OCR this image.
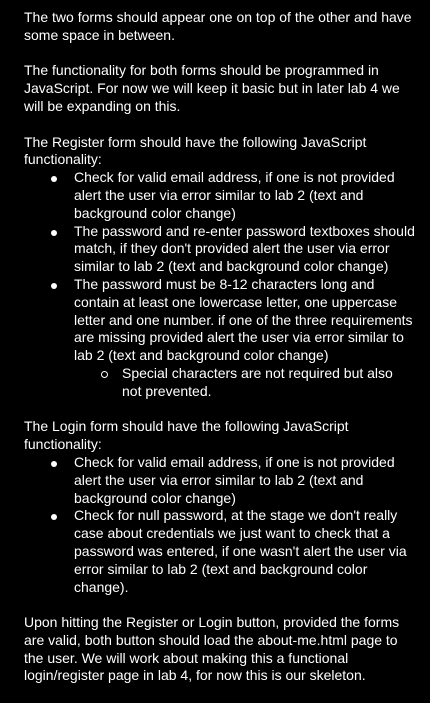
The two forms should appear one on top of the other and have some space in between.

The functionality for both forms should be programmed in JavaScript. For now we will keep it basic but in later lab 4 we will be expanding on this.

The Register form should have the following JavaScript functionality:

Check for valid email address, if one is not provided alert the user via error similar to lab 2 (text and background color change)
The password and re-enter password textboxes should match, if they don't provided alert the user via error similar to lab 2 (text and background color change)
The password must be 8-12 characters long and contain at least one lowercase letter, one uppercase letter and one number. if one of the three requirements are missing provided alert the user via error similar to lab 2 (text and background color change)
Special characters are not required but also not prevented.

The Login form should have the following JavaScript functionality:

Check for valid email address, if one is not provided alert the user via error similar to lab 2 (text and background color change)
Check for null password, at the stage we don't really case about credentials we just want to check that a password was entered, if one wasn't alert the user via error similar to lab 2 (text and background color change).

Upon hitting the Register or Login button, provided the forms are valid, both button should load the about-me.html page to the user. We will work about making this a functional login/register page in lab 4, for now this is our skeleton.
